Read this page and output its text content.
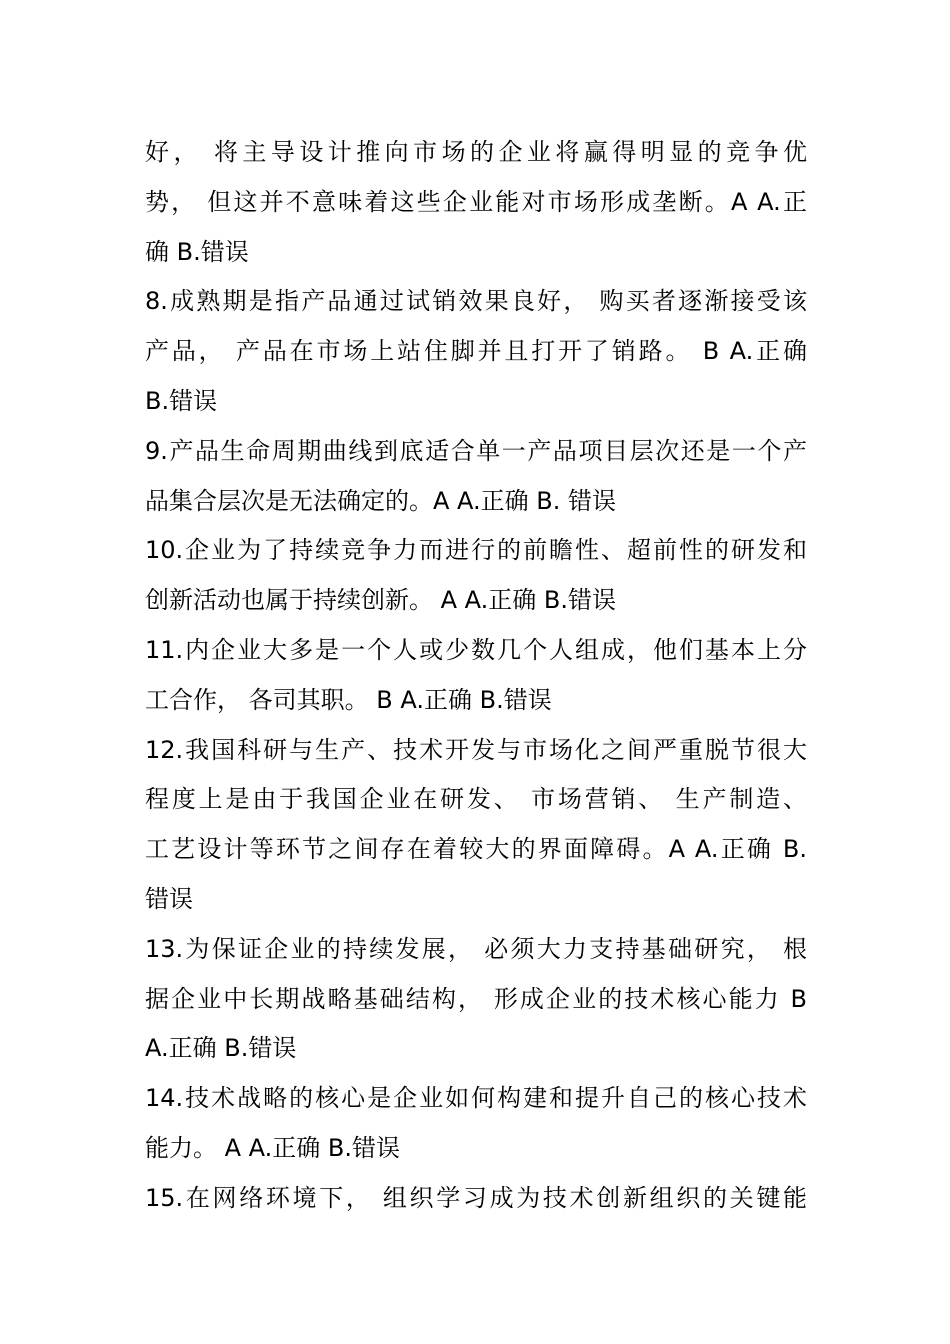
好， 将主导设计推向市场的企业将赢得明显的竞争优
势， 但这并不意味着这些企业能对市场形成垄断。A A.正
确 B.错误
8.成熟期是指产品通过试销效果良好， 购买者逐渐接受该
产品， 产品在市场上站住脚并且打开了销路。 B A.正确
B.错误
9.产品生命周期曲线到底适合单一产品项目层次还是一个产
品集合层次是无法确定的。A A.正确 B. 错误
10.企业为了持续竞争力而进行的前瞻性、超前性的研发和
创新活动也属于持续创新。 A A.正确 B.错误
11.内企业大多是一个人或少数几个人组成，他们基本上分
工合作， 各司其职。 B A.正确 B.错误
12.我国科研与生产、技术开发与市场化之间严重脱节很大
程度上是由于我国企业在研发、 市场营销、 生产制造、
工艺设计等环节之间存在着较大的界面障碍。A A.正确 B.
错误
13.为保证企业的持续发展， 必须大力支持基础研究， 根
据企业中长期战略基础结构， 形成企业的技术核心能力 B
A.正确 B.错误
14.技术战略的核心是企业如何构建和提升自己的核心技术
能力。 A A.正确 B.错误
15.在网络环境下， 组织学习成为技术创新组织的关键能
